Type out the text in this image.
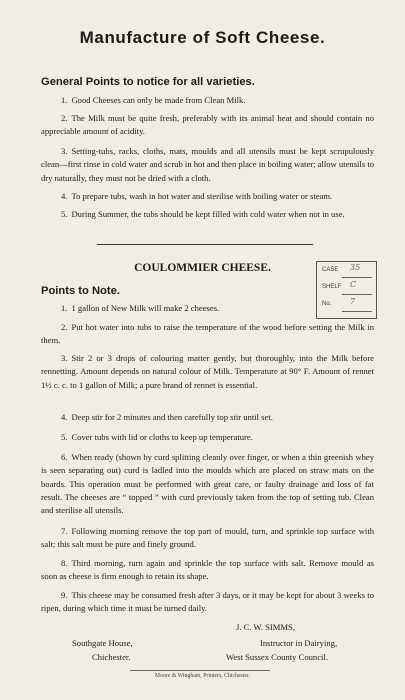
Manufacture of Soft Cheese.
General Points to notice for all varieties.

1. Good Cheeses can only be made from Clean Milk.

2. The Milk must be quite fresh, preferably with its animal heat and should contain no appreciable amount of acidity.

3. Setting-tubs, racks, cloths, mats, moulds and all utensils must be kept scrupulously clean—first rinse in cold water and scrub in hot and then place in boiling water; allow utensils to dry naturally, they must not be dried with a cloth.

4. To prepare tubs, wash in hot water and sterilise with boiling water or steam.

5. During Summer, the tubs should be kept filled with cold water when not in use.

COULOMMIER CHEESE.
Points to Note.
CASE 35
SHELF C
No. 7

1. 1 gallon of New Milk will make 2 cheeses.

2. Put hot water into tubs to raise the temperature of the wood before setting the Milk in them.

3. Stir 2 or 3 drops of colouring matter gently, but thoroughly, into the Milk before rennetting. Amount depends on natural colour of Milk. Temperature at 90° F. Amount of rennet 1½ c. c. to 1 gallon of Milk; a pure brand of rennet is essential.

4. Deep stir for 2 minutes and then carefully top stir until set.

5. Cover tubs with lid or cloths to keep up temperature.

6. When ready (shown by curd splitting cleanly over finger, or when a thin greenish whey is seen separating out) curd is ladled into the moulds which are placed on straw mats on the boards. This operation must be performed with great care, or faulty drainage and loss of fat result. The cheeses are “ topped ” with curd previously taken from the top of setting tub. Clean and sterilise all utensils.

7. Following morning remove the top part of mould, turn, and sprinkle top surface with salt; this salt must be pure and finely ground.

8. Third morning, turn again and sprinkle the top surface with salt. Remove mould as soon as cheese is firm enough to retain its shape.

9. This cheese may be consumed fresh after 3 days, or it may be kept for about 3 weeks to ripen, during which time it must be turned daily.

J. C. W. SIMMS,
Southgate House,
Chichester.
Instructor in Dairying,
West Sussex County Council.
Moore & Wingham, Printers, Chichester.
